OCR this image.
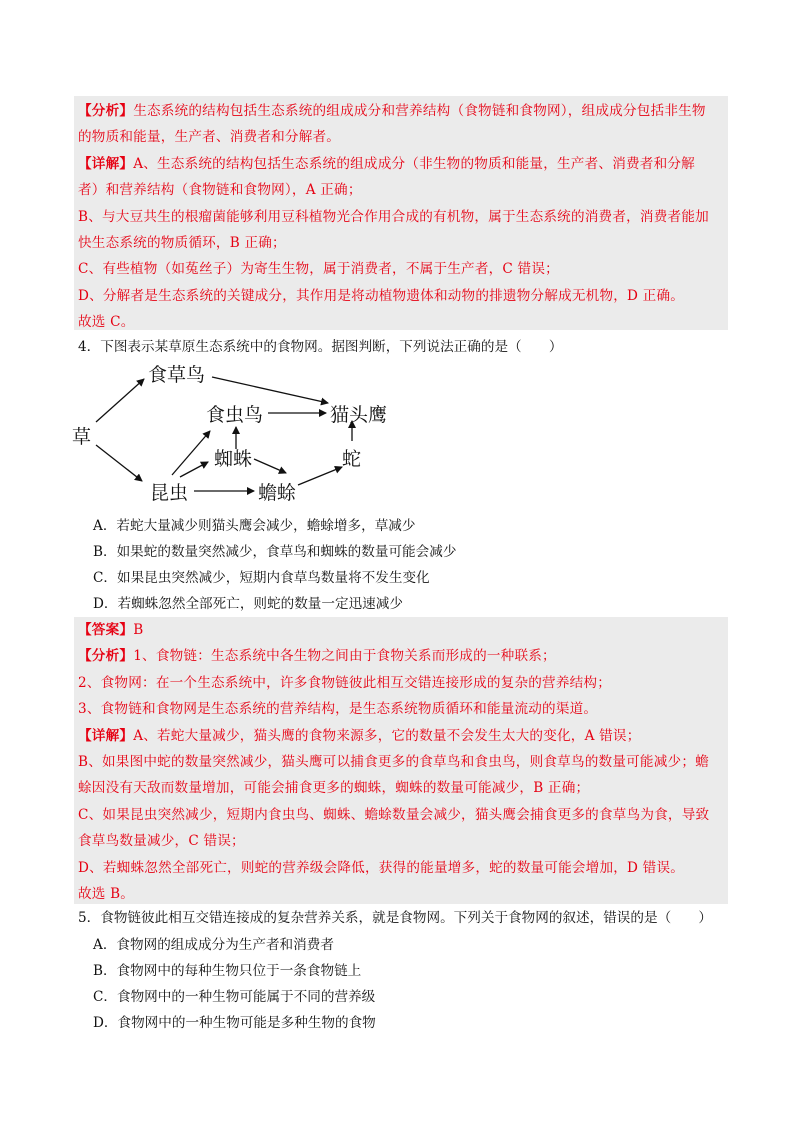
【分析】生态系统的结构包括生态系统的组成成分和营养结构（食物链和食物网），组成成分包括非生物
的物质和能量，生产者、消费者和分解者。
【详解】A、生态系统的结构包括生态系统的组成成分（非生物的物质和能量，生产者、消费者和分解
者）和营养结构（食物链和食物网），A 正确；
B、与大豆共生的根瘤菌能够利用豆科植物光合作用合成的有机物，属于生态系统的消费者，消费者能加
快生态系统的物质循环，B 正确；
C、有些植物（如菟丝子）为寄生生物，属于消费者，不属于生产者，C 错误；
D、分解者是生态系统的关键成分，其作用是将动植物遗体和动物的排遗物分解成无机物，D 正确。
故选 C。
4．下图表示某草原生态系统中的食物网。据图判断，下列说法正确的是（　　）
草
食草鸟
食虫鸟	猫头鹰
蜘蛛	蛇
昆虫	蟾蜍
A．若蛇大量减少则猫头鹰会减少，蟾蜍增多，草减少
B．如果蛇的数量突然减少，食草鸟和蜘蛛的数量可能会减少
C．如果昆虫突然减少，短期内食草鸟数量将不发生变化
D．若蜘蛛忽然全部死亡，则蛇的数量一定迅速减少
【答案】B
【分析】1、食物链：生态系统中各生物之间由于食物关系而形成的一种联系；
2、食物网：在一个生态系统中，许多食物链彼此相互交错连接形成的复杂的营养结构；
3、食物链和食物网是生态系统的营养结构，是生态系统物质循环和能量流动的渠道。
【详解】A、若蛇大量减少，猫头鹰的食物来源多，它的数量不会发生太大的变化，A 错误；
B、如果图中蛇的数量突然减少，猫头鹰可以捕食更多的食草鸟和食虫鸟，则食草鸟的数量可能减少；蟾
蜍因没有天敌而数量增加，可能会捕食更多的蜘蛛，蜘蛛的数量可能减少，B 正确；
C、如果昆虫突然减少，短期内食虫鸟、蜘蛛、蟾蜍数量会减少，猫头鹰会捕食更多的食草鸟为食，导致
食草鸟数量减少，C 错误；
D、若蜘蛛忽然全部死亡，则蛇的营养级会降低，获得的能量增多，蛇的数量可能会增加，D 错误。
故选 B。
5．食物链彼此相互交错连接成的复杂营养关系，就是食物网。下列关于食物网的叙述，错误的是（　　）
A．食物网的组成成分为生产者和消费者
B．食物网中的每种生物只位于一条食物链上
C．食物网中的一种生物可能属于不同的营养级
D．食物网中的一种生物可能是多种生物的食物
